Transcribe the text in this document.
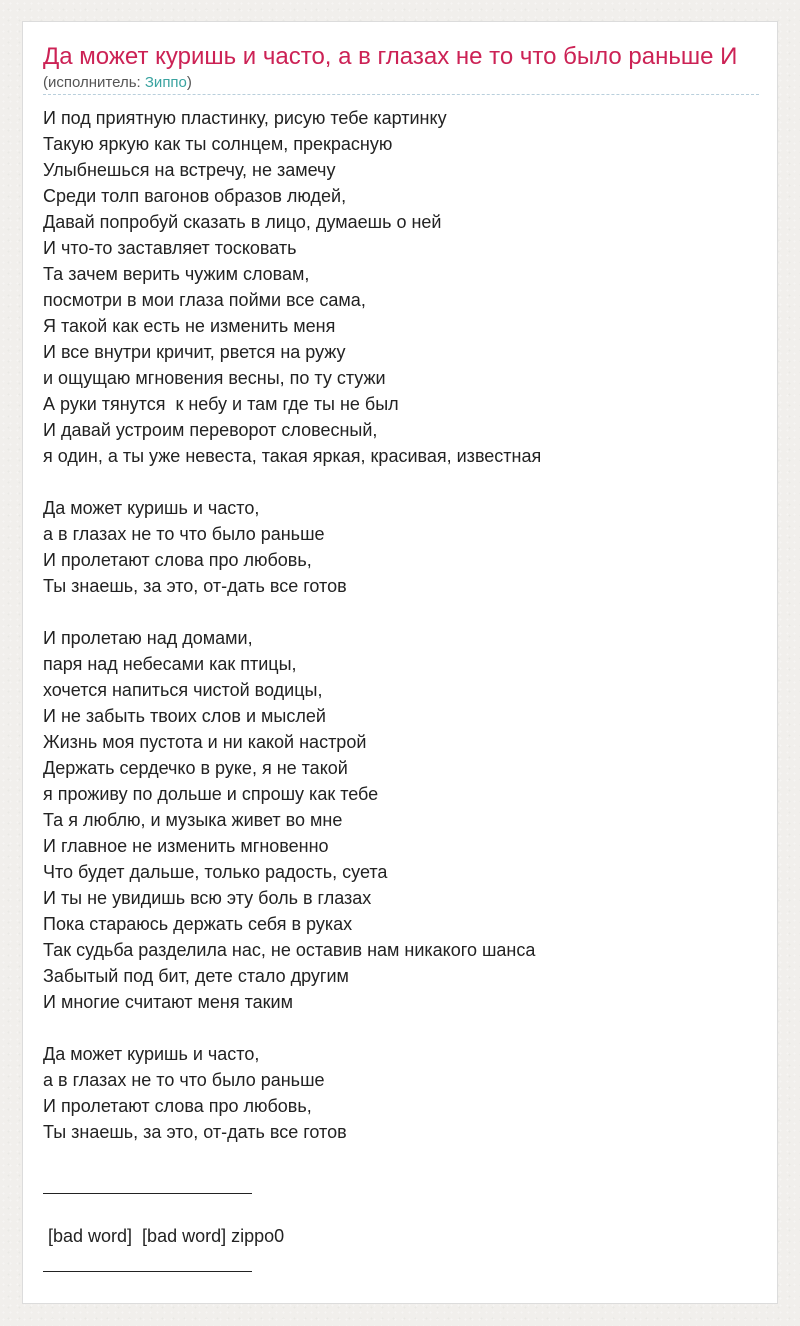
Да может куришь и часто, а в глазах не то что было раньше И
(исполнитель: Зиппо)
И под приятную пластинку, рисую тебе картинку
Такую яркую как ты солнцем, прекрасную
Улыбнешься на встречу, не замечу
Среди толп вагонов образов людей,
Давай попробуй сказать в лицо, думаешь о ней
И что-то заставляет тосковать
Та зачем верить чужим словам,
посмотри в мои глаза пойми все сама,
Я такой как есть не изменить меня
И все внутри кричит, рвется на ружу
и ощущаю мгновения весны, по ту стужи
А руки тянутся  к небу и там где ты не был
И давай устроим переворот словесный,
я один, а ты уже невеста, такая яркая, красивая, известная
Да может куришь и часто,
а в глазах не то что было раньше
И пролетают слова про любовь,
Ты знаешь, за это, от-дать все готов
И пролетаю над домами,
паря над небесами как птицы,
хочется напиться чистой водицы,
И не забыть твоих слов и мыслей
Жизнь моя пустота и ни какой настрой
Держать сердечко в руке, я не такой
я проживу по дольше и спрошу как тебе
Та я люблю, и музыка живет во мне
И главное не изменить мгновенно
Что будет дальше, только радость, суета
И ты не увидишь всю эту боль в глазах
Пока стараюсь держать себя в руках
Так судьба разделила нас, не оставив нам никакого шанса
Забытый под бит, дете стало другим
И многие считают меня таким
Да может куришь и часто,
а в глазах не то что было раньше
И пролетают слова про любовь,
Ты знаешь, за это, от-дать все готов
[bad word]  [bad word] zippo0
